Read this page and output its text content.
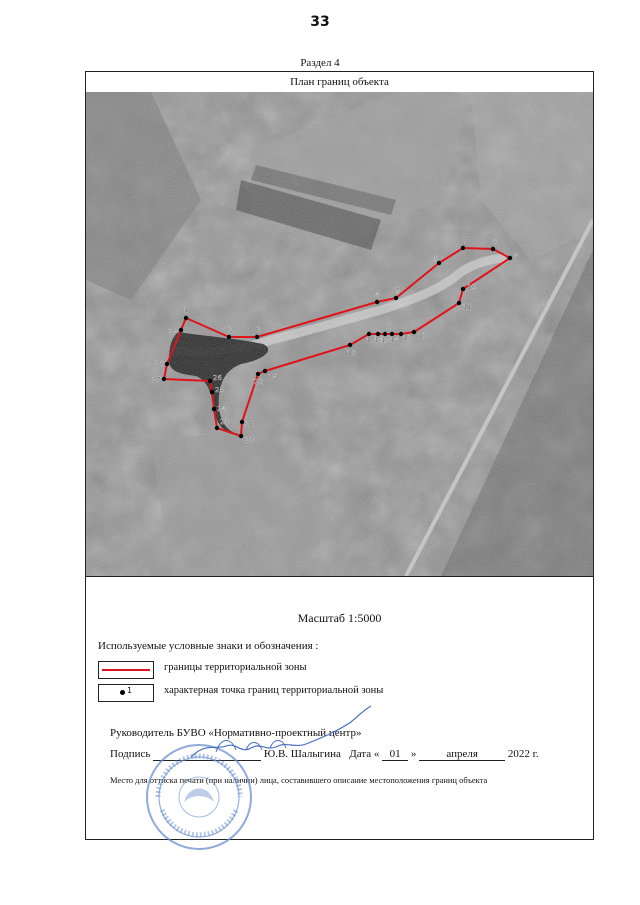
33
Раздел 4
План границ объекта
1
2	3
4 5
6
7	8
9
10
11
12
13
14
15
16
17
18
19
20
21
22
23
24
25
26
27
28
29
Масштаб 1:5000
Используемые условные знаки и обозначения :
границы территориальной зоны
1	характерная точка границ территориальной зоны
Руководитель БУВО «Нормативно-проектный центр»
Подпись	Ю.В. Шалыгина Дата « 01 »	апреля	2022 г.
Место для оттиска печати (при наличии) лица, составившего описание местоположения границ объекта
